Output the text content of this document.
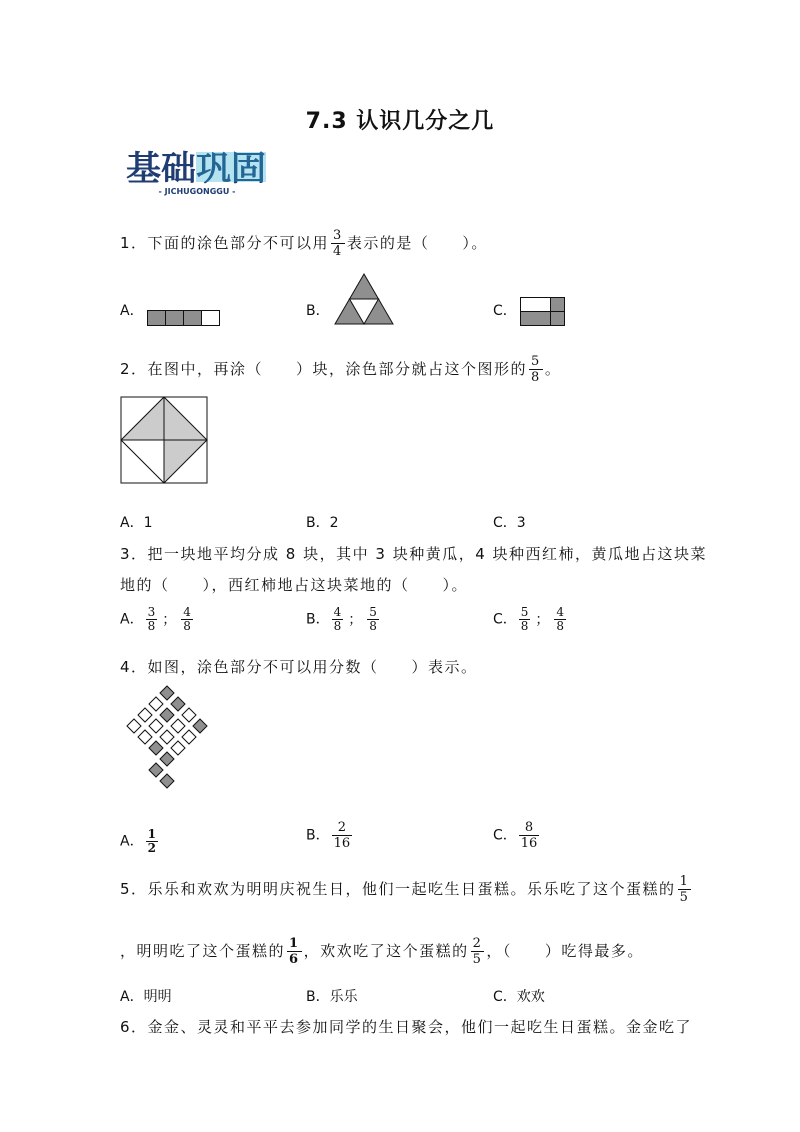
7.3 认识几分之几
基础巩固
- JICHUGONGGU -
1．下面的涂色部分不可以用 $\frac{3}{4}$ 表示的是（　　）。
A．	B．	C．
2．在图中，再涂（　　）块，涂色部分就占这个图形的 $\frac{5}{8}$ 。
A．1	B．2	C．3
3．把一块地平均分成 8 块，其中 3 块种黄瓜，4 块种西红柿，黄瓜地占这块菜
地的（　　），西红柿地占这块菜地的（　　）。
A． $\frac{3}{8}$ ； $\frac{4}{8}$	B． $\frac{4}{8}$ ； $\frac{5}{8}$	C． $\frac{5}{8}$ ； $\frac{4}{8}$
4．如图，涂色部分不可以用分数（　　）表示。
A． $\frac{1}{2}$	B． $\frac{2}{16}$	C． $\frac{8}{16}$
5．乐乐和欢欢为明明庆祝生日，他们一起吃生日蛋糕。乐乐吃了这个蛋糕的 $\frac{1}{5}$
，明明吃了这个蛋糕的 $\frac{1}{6}$ ，欢欢吃了这个蛋糕的 $\frac{2}{5}$ ，（　　）吃得最多。
A．明明	B．乐乐	C．欢欢
6．金金、灵灵和平平去参加同学的生日聚会，他们一起吃生日蛋糕。金金吃了
